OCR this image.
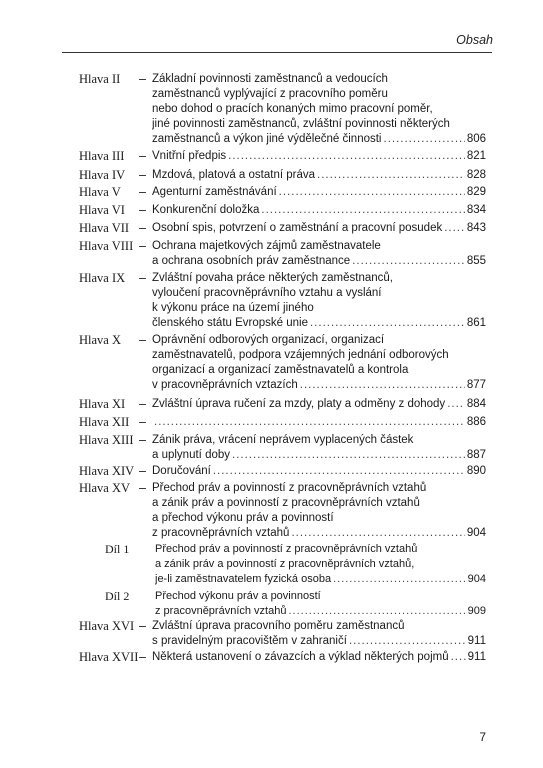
Obsah
Hlava II – Základní povinnosti zaměstnanců a vedoucích
zaměstnanců vyplývající z pracovního poměru
nebo dohod o pracích konaných mimo pracovní poměr,
jiné povinnosti zaměstnanců, zvláštní povinnosti některých
zaměstnanců a výkon jiné výdělečné činnosti .....	806
Hlava III – Vnitřní předpis .....	821
Hlava IV – Mzdová, platová a ostatní práva .....	828
Hlava V – Agenturní zaměstnávání .....	829
Hlava VI – Konkurenční doložka .....	834
Hlava VII – Osobní spis, potvrzení o zaměstnání a pracovní posudek ..... 843
Hlava VIII – Ochrana majetkových zájmů zaměstnavatele
a ochrana osobních práv zaměstnance .....	855
Hlava IX – Zvláštní povaha práce některých zaměstnanců,
vyloučení pracovněprávního vztahu a vyslání
k výkonu práce na území jiného
členského státu Evropské unie .....	861
Hlava X – Oprávnění odborových organizací, organizací
zaměstnavatelů, podpora vzájemných jednání odborových
organizací a organizací zaměstnavatelů a kontrola
v pracovněprávních vztazích .....	877
Hlava XI – Zvláštní úprava ručení za mzdy, platy a odměny z dohody ..... 884
Hlava XII – .....	886
Hlava XIII – Zánik práva, vrácení neprávem vyplacených částek
a uplynutí doby .....	887
Hlava XIV – Doručování .....	890
Hlava XV – Přechod práv a povinností z pracovněprávních vztahů
a zánik práv a povinností z pracovněprávních vztahů
a přechod výkonu práv a povinností
z pracovněprávních vztahů .....	904
Díl 1 Přechod práv a povinností z pracovněprávních vztahů
a zánik práv a povinností z pracovněprávních vztahů,
je-li zaměstnavatelem fyzická osoba .....	904
Díl 2 Přechod výkonu práv a povinností
z pracovněprávních vztahů .....	909
Hlava XVI – Zvláštní úprava pracovního poměru zaměstnanců
s pravidelným pracovištěm v zahraničí .....	911
Hlava XVII – Některá ustanovení o závazcích a výklad některých pojmů ..... 911
7
